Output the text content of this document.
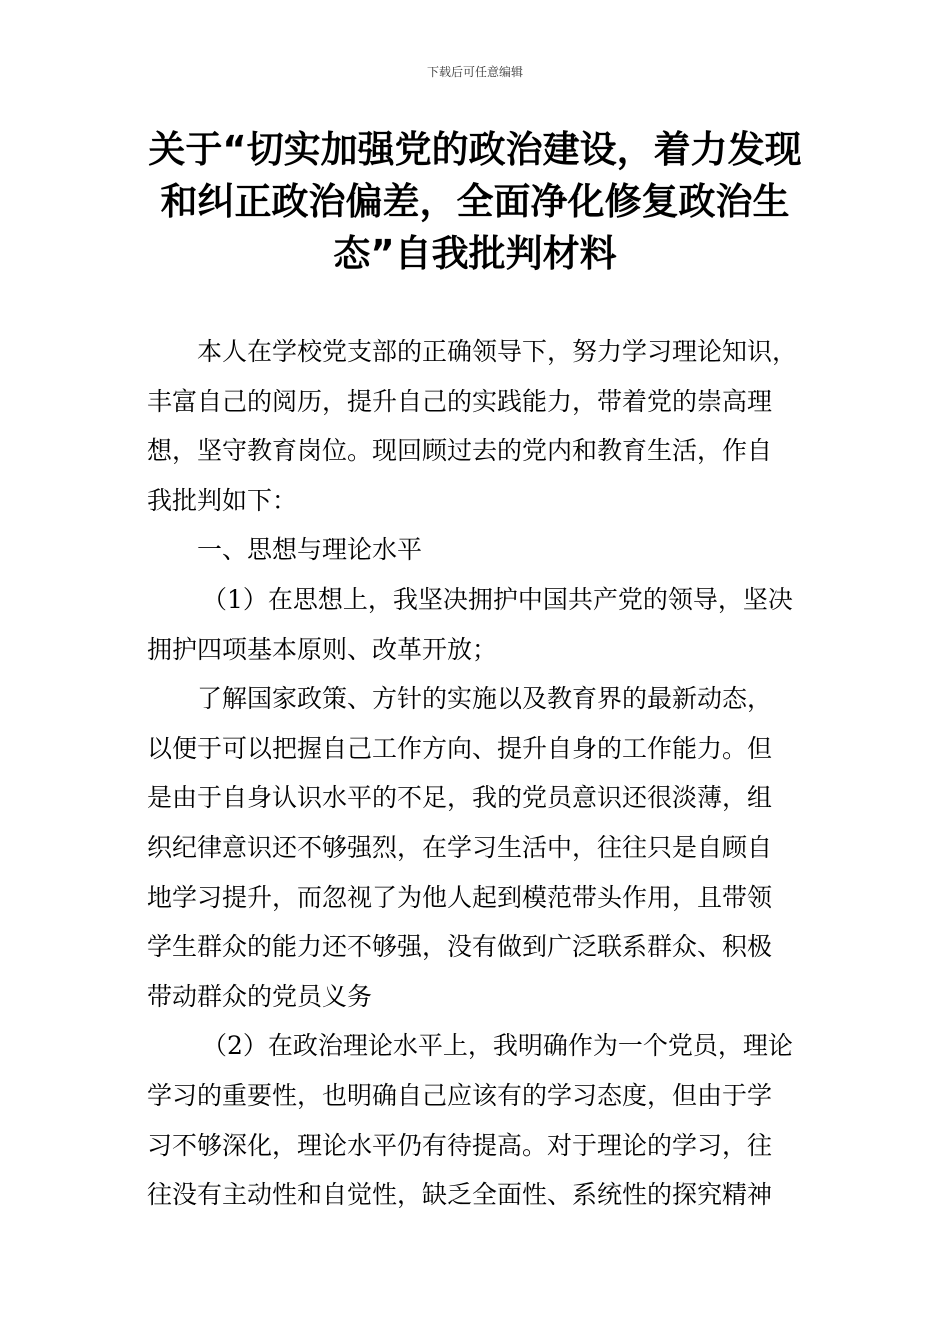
下载后可任意编辑
关于“切实加强党的政治建设，着力发现
和纠正政治偏差，全面净化修复政治生
态”自我批判材料
本人在学校党支部的正确领导下，努力学习理论知识，
丰富自己的阅历，提升自己的实践能力，带着党的崇高理
想，坚守教育岗位。现回顾过去的党内和教育生活，作自
我批判如下：
一、思想与理论水平
（1）在思想上，我坚决拥护中国共产党的领导，坚决
拥护四项基本原则、改革开放；
了解国家政策、方针的实施以及教育界的最新动态，
以便于可以把握自己工作方向、提升自身的工作能力。但
是由于自身认识水平的不足，我的党员意识还很淡薄，组
织纪律意识还不够强烈，在学习生活中，往往只是自顾自
地学习提升，而忽视了为他人起到模范带头作用，且带领
学生群众的能力还不够强，没有做到广泛联系群众、积极
带动群众的党员义务
（2）在政治理论水平上，我明确作为一个党员，理论
学习的重要性，也明确自己应该有的学习态度，但由于学
习不够深化，理论水平仍有待提高。对于理论的学习，往
往没有主动性和自觉性，缺乏全面性、系统性的探究精神
